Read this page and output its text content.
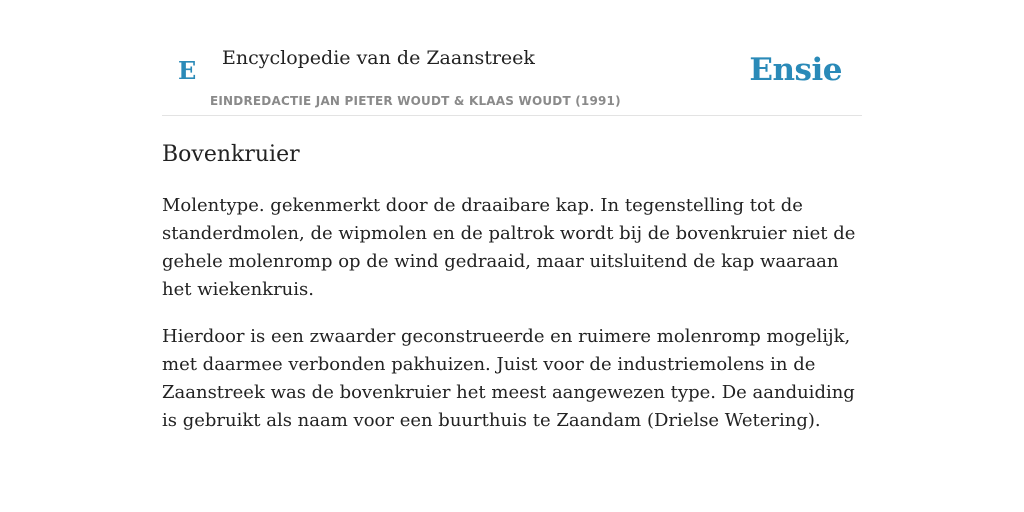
E Encyclopedie van de Zaanstreek
EINDREDACTIE JAN PIETER WOUDT & KLAAS WOUDT (1991)
Ensie
Bovenkruier

Molentype. gekenmerkt door de draaibare kap. In tegenstelling tot de standerdmolen, de wipmolen en de paltrok wordt bij de bovenkruier niet de gehele molenromp op de wind gedraaid, maar uitsluitend de kap waaraan het wiekenkruis.

Hierdoor is een zwaarder geconstrueerde en ruimere molenromp mogelijk, met daarmee verbonden pakhuizen. Juist voor de industriemolens in de Zaanstreek was de bovenkruier het meest aangewezen type. De aanduiding is gebruikt als naam voor een buurthuis te Zaandam (Drielse Wetering).
